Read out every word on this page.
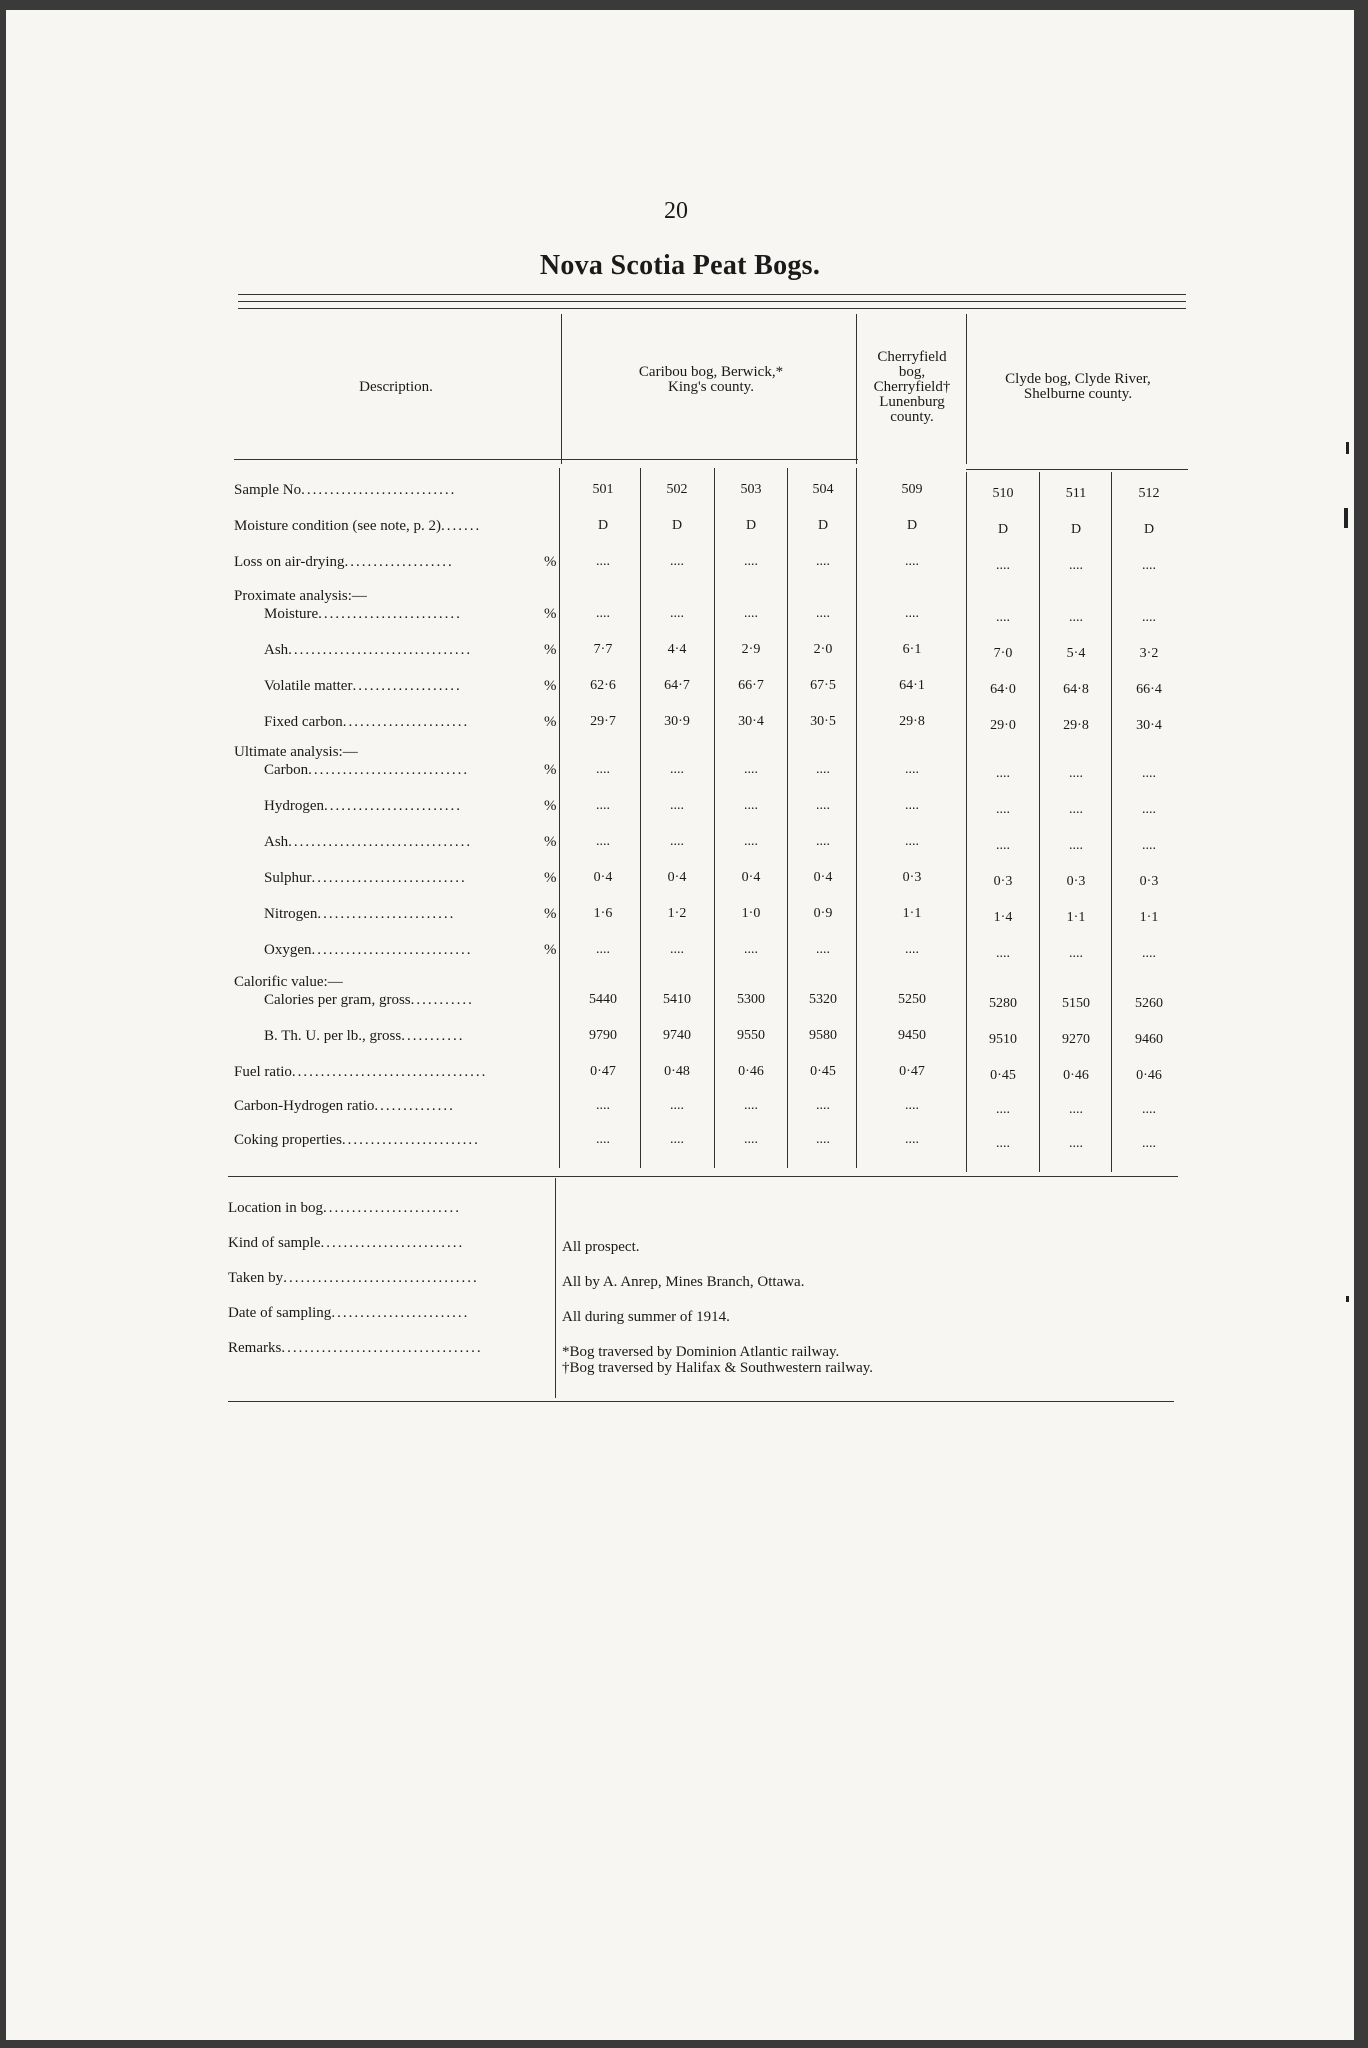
20
Nova Scotia Peat Bogs.
Description.
Caribou bog, Berwick,*
King's county.
Cherryfield
bog,
Cherryfield†
Lunenburg
county.
Clyde bog, Clyde River,
Shelburne county.
Sample No...........................	501	502	503	504	509	510	511	512
Moisture condition (see note, p. 2).......	D	D	D	D	D	D	D	D
Loss on air-drying...................	%	....	....	....	....	....	....	....	....
Proximate analysis:—
Moisture.........................	%	....	....	....	....	....	....	....	....
Ash................................	%	7·7	4·4	2·9	2·0	6·1	7·0	5·4	3·2
Volatile matter...................	%	62·6	64·7	66·7	67·5	64·1	64·0	64·8	66·4
Fixed carbon......................	%	29·7	30·9	30·4	30·5	29·8	29·0	29·8	30·4
Ultimate analysis:—
Carbon............................	%	....	....	....	....	....	....	....	....
Hydrogen........................	%	....	....	....	....	....	....	....	....
Ash................................	%	....	....	....	....	....	....	....	....
Sulphur...........................	%	0·4	0·4	0·4	0·4	0·3	0·3	0·3	0·3
Nitrogen........................	%	1·6	1·2	1·0	0·9	1·1	1·4	1·1	1·1
Oxygen............................	%	....	....	....	....	....	....	....	....
Calorific value:—
Calories per gram, gross...........	5440	5410	5300	5320	5250	5280	5150	5260
B. Th. U. per lb., gross...........	9790	9740	9550	9580	9450	9510	9270	9460
Fuel ratio..................................	0·47	0·48	0·46	0·45	0·47	0·45	0·46	0·46
Carbon-Hydrogen ratio..............	....	....	....	....	....	....	....	....
Coking properties........................	....	....	....	....	....	....	....	....
Location in bog........................
Kind of sample.........................	All prospect.
Taken by..................................	All by A. Anrep, Mines Branch, Ottawa.
Date of sampling........................	All during summer of 1914.
Remarks...................................	*Bog traversed by Dominion Atlantic railway.
†Bog traversed by Halifax & Southwestern railway.
